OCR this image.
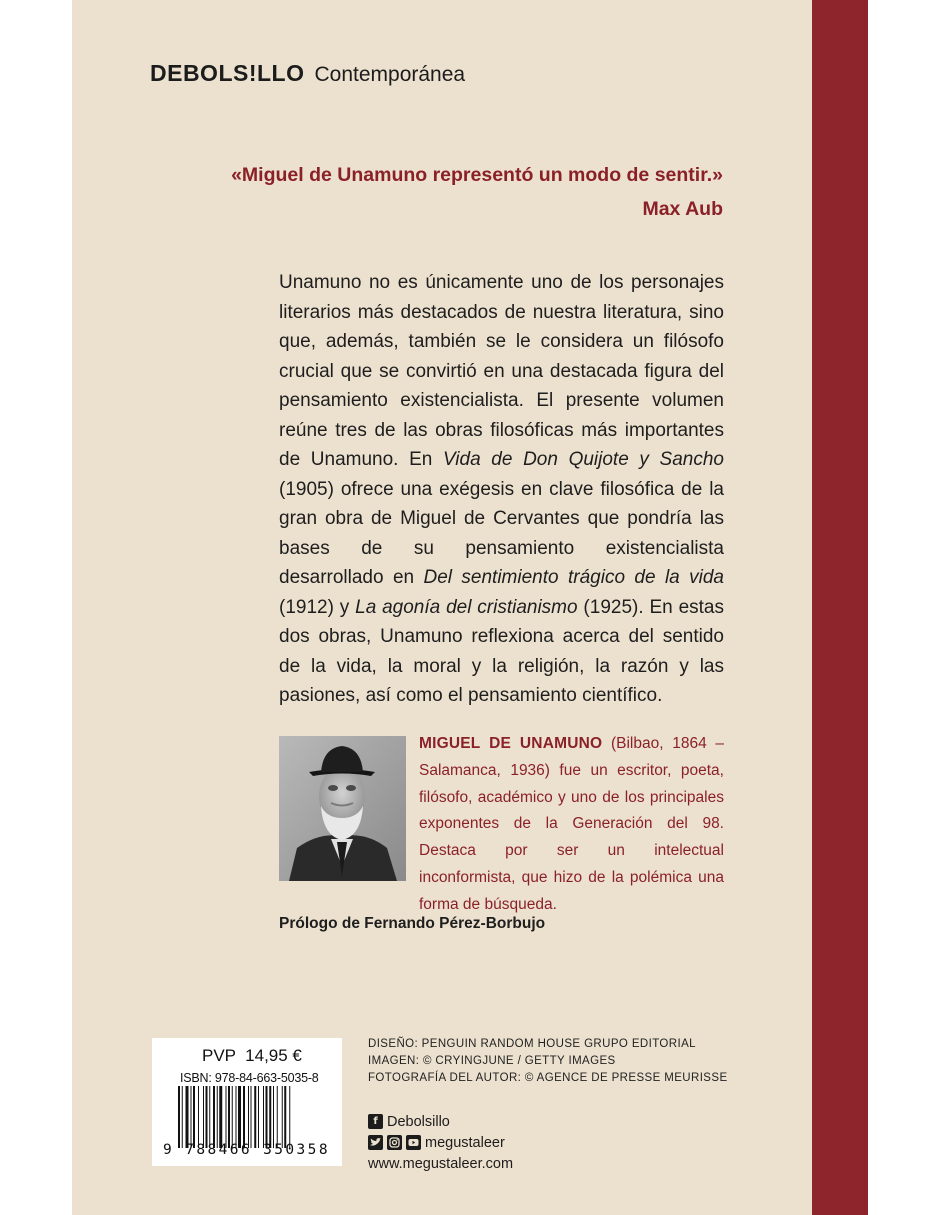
DEBOLS!LLO Contemporánea
«Miguel de Unamuno representó un modo de sentir.»
Max Aub
Unamuno no es únicamente uno de los personajes literarios más destacados de nuestra literatura, sino que, además, también se le considera un filósofo crucial que se convirtió en una destacada figura del pensamiento existencialista. El presente volumen reúne tres de las obras filosóficas más importantes de Unamuno. En Vida de Don Quijote y Sancho (1905) ofrece una exégesis en clave filosófica de la gran obra de Miguel de Cervantes que pondría las bases de su pensamiento existencialista desarrollado en Del sentimiento trágico de la vida (1912) y La agonía del cristianismo (1925). En estas dos obras, Unamuno reflexiona acerca del sentido de la vida, la moral y la religión, la razón y las pasiones, así como el pensamiento científico.
MIGUEL DE UNAMUNO (Bilbao, 1864 – Salamanca, 1936) fue un escritor, poeta, filósofo, académico y uno de los principales exponentes de la Generación del 98. Destaca por ser un intelectual inconformista, que hizo de la polémica una forma de búsqueda.
Prólogo de Fernando Pérez-Borbujo
PVP 14,95 €
ISBN: 978-84-663-5035-8
9 788466 350358
DISEÑO: PENGUIN RANDOM HOUSE GRUPO EDITORIAL
IMAGEN: © CRYINGJUNE / GETTY IMAGES
FOTOGRAFÍA DEL AUTOR: © AGENCE DE PRESSE MEURISSE
f Debolsillo
megustaleer
www.megustaleer.com
